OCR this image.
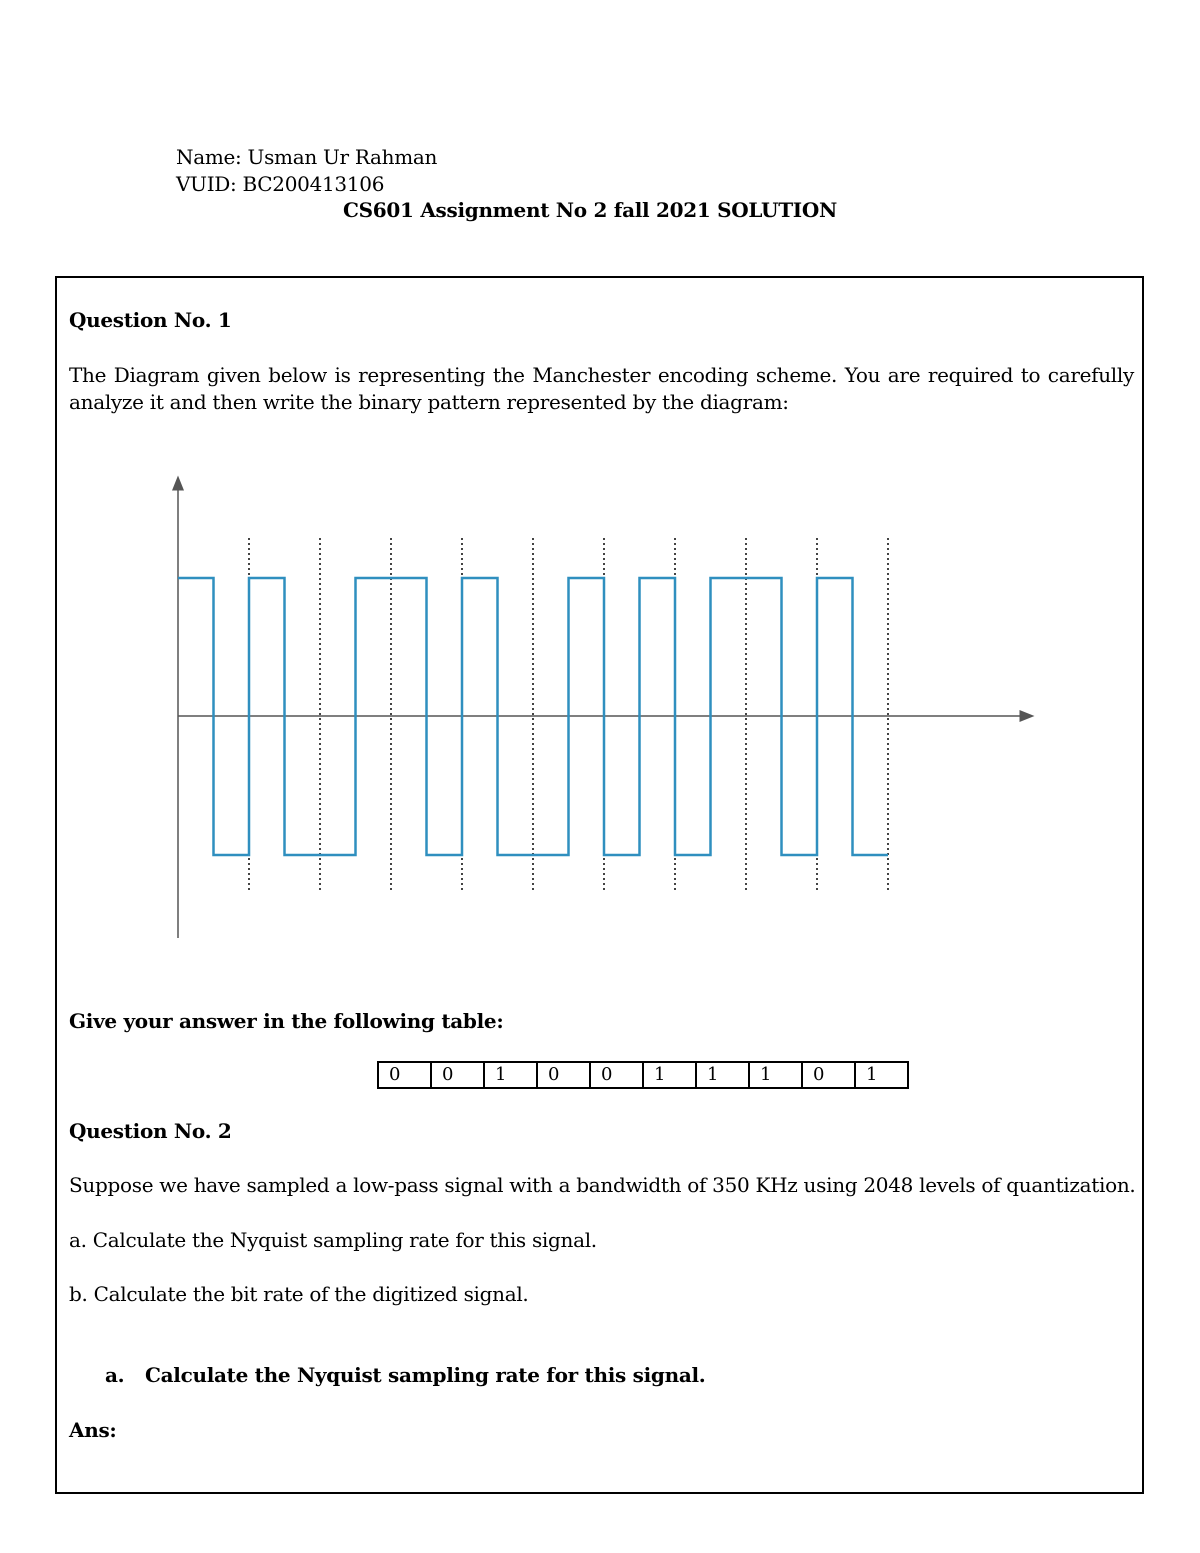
Name: Usman Ur Rahman
VUID: BC200413106
CS601 Assignment No 2 fall 2021 SOLUTION
Question No. 1
The Diagram given below is representing the Manchester encoding scheme. You are required to carefully analyze it and then write the binary pattern represented by the diagram:
Give your answer in the following table:
0	0	1	0	0	1	1	1	0	1
Question No. 2
Suppose we have sampled a low-pass signal with a bandwidth of 350 KHz using 2048 levels of quantization.
a. Calculate the Nyquist sampling rate for this signal.
b. Calculate the bit rate of the digitized signal.
a. Calculate the Nyquist sampling rate for this signal.
Ans:
